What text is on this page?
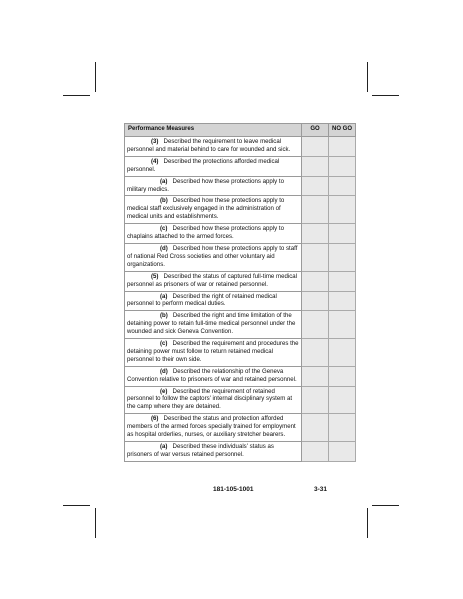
Performance Measures	GO	NO GO

(3) Described the requirement to leave medical personnel and material behind to care for wounded and sick.		

(4) Described the protections afforded medical personnel.		

(a) Described how these protections apply to military medics.		

(b) Described how these protections apply to medical staff exclusively engaged in the administration of medical units and establishments.		

(c) Described how these protections apply to chaplains attached to the armed forces.		

(d) Described how these protections apply to staff of national Red Cross societies and other voluntary aid organizations.		

(5) Described the status of captured full-time medical personnel as prisoners of war or retained personnel.		

(a) Described the right of retained medical personnel to perform medical duties.		

(b) Described the right and time limitation of the detaining power to retain full-time medical personnel under the wounded and sick Geneva Convention.		

(c) Described the requirement and procedures the detaining power must follow to return retained medical personnel to their own side.		

(d) Described the relationship of the Geneva Convention relative to prisoners of war and retained personnel.		

(e) Described the requirement of retained personnel to follow the captors' internal disciplinary system at the camp where they are detained.		

(6) Described the status and protection afforded members of the armed forces specially trained for employment as hospital orderlies, nurses, or auxiliary stretcher bearers.		

(a) Described these individuals' status as prisoners of war versus retained personnel.		

181-105-1001	3-31
